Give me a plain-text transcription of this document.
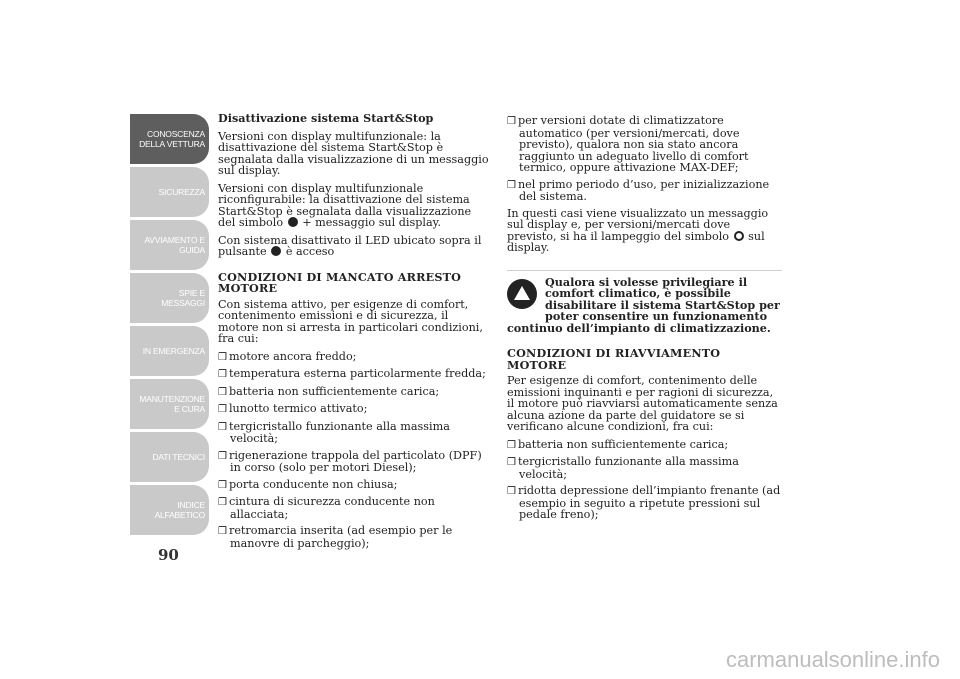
CONOSCENZA DELLA VETTURA
SICUREZZA
AVVIAMENTO E GUIDA
SPIE E MESSAGGI
IN EMERGENZA
MANUTENZIONE E CURA
DATI TECNICI
INDICE ALFABETICO
90
Disattivazione sistema Start&Stop

Versioni con display multifunzionale: la disattivazione del sistema Start&Stop è segnalata dalla visualizzazione di un messaggio sul display.

Versioni con display multifunzionale riconfigurabile: la disattivazione del sistema Start&Stop è segnalata dalla visualizzazione del simbolo + messaggio sul display.

Con sistema disattivato il LED ubicato sopra il pulsante è acceso

CONDIZIONI DI MANCATO ARRESTO MOTORE

Con sistema attivo, per esigenze di comfort, contenimento emissioni e di sicurezza, il motore non si arresta in particolari condizioni, fra cui:

❒ motore ancora freddo;
❒ temperatura esterna particolarmente fredda;
❒ batteria non sufficientemente carica;
❒ lunotto termico attivato;
❒ tergicristallo funzionante alla massima velocità;
❒ rigenerazione trappola del particolato (DPF) in corso (solo per motori Diesel);
❒ porta conducente non chiusa;
❒ cintura di sicurezza conducente non allacciata;
❒ retromarcia inserita (ad esempio per le manovre di parcheggio);
❒ per versioni dotate di climatizzatore automatico (per versioni/mercati, dove previsto), qualora non sia stato ancora raggiunto un adeguato livello di comfort termico, oppure attivazione MAX-DEF;
❒ nel primo periodo d’uso, per inizializzazione del sistema.

In questi casi viene visualizzato un messaggio sul display e, per versioni/mercati dove previsto, si ha il lampeggio del simbolo sul display.

Qualora si volesse privilegiare il comfort climatico, è possibile disabilitare il sistema Start&Stop per poter consentire un funzionamento continuo dell’impianto di climatizzazione.
CONDIZIONI DI RIAVVIAMENTO MOTORE

Per esigenze di comfort, contenimento delle emissioni inquinanti e per ragioni di sicurezza, il motore può riavviarsi automaticamente senza alcuna azione da parte del guidatore se si verificano alcune condizioni, fra cui:

❒ batteria non sufficientemente carica;
❒ tergicristallo funzionante alla massima velocità;
❒ ridotta depressione dell’impianto frenante (ad esempio in seguito a ripetute pressioni sul pedale freno);
carmanualsonline.info
